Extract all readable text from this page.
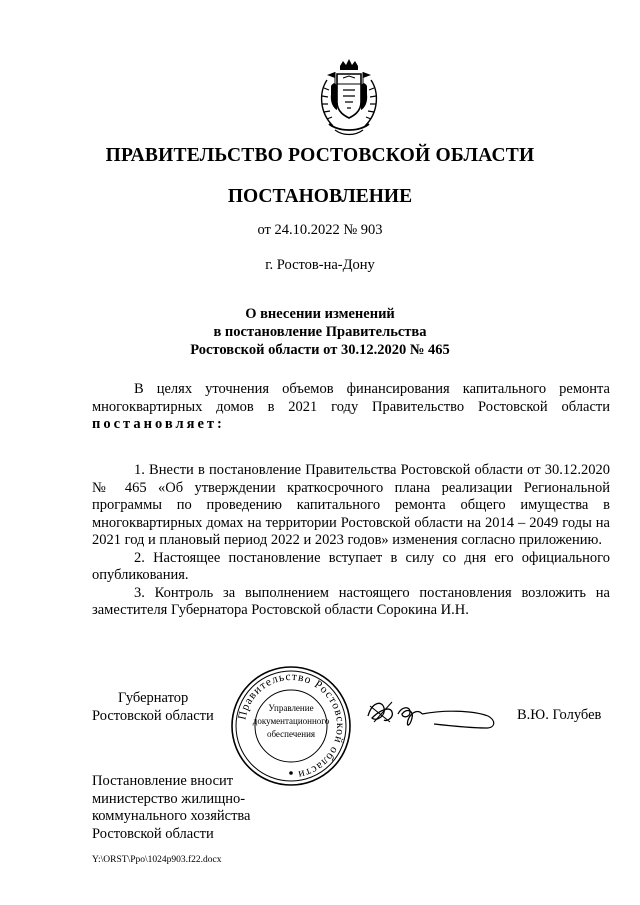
ПРАВИТЕЛЬСТВО РОСТОВСКОЙ ОБЛАСТИ
ПОСТАНОВЛЕНИЕ
от 24.10.2022 № 903
г. Ростов-на-Дону
О внесении изменений
в постановление Правительства
Ростовской области от 30.12.2020 № 465
В целях уточнения объемов финансирования капитального ремонта многоквартирных домов в 2021 году Правительство Ростовской области постановляет:
1. Внести в постановление Правительства Ростовской области от 30.12.2020 № 465 «Об утверждении краткосрочного плана реализации Региональной программы по проведению капитального ремонта общего имущества в многоквартирных домах на территории Ростовской области на 2014 – 2049 годы на 2021 год и плановый период 2022 и 2023 годов» изменения согласно приложению.
2. Настоящее постановление вступает в силу со дня его официального опубликования.
3. Контроль за выполнением настоящего постановления возложить на заместителя Губернатора Ростовской области Сорокина И.Н.
Губернатор
Ростовской области Правительство Ростовской области
Управление
документационного
обеспечения
В.Ю. Голубев
Постановление вносит
министерство жилищно-
коммунального хозяйства
Ростовской области
Y:\ORST\Ppo\1024p903.f22.docx
